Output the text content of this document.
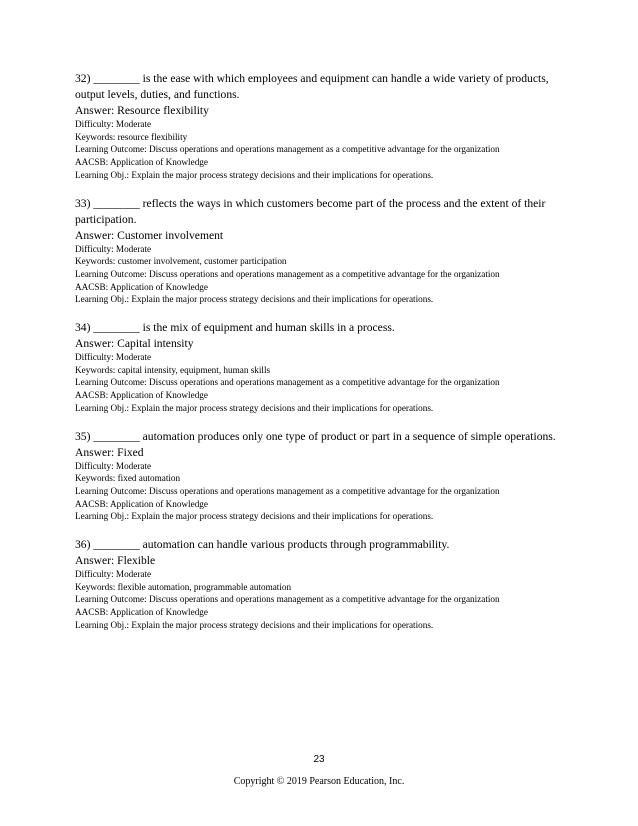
32) ________ is the ease with which employees and equipment can handle a wide variety of products, output levels, duties, and functions.

Answer: Resource flexibility

Difficulty: Moderate

Keywords: resource flexibility

Learning Outcome: Discuss operations and operations management as a competitive advantage for the organization

AACSB: Application of Knowledge

Learning Obj.: Explain the major process strategy decisions and their implications for operations.

33) ________ reflects the ways in which customers become part of the process and the extent of their participation.

Answer: Customer involvement

Difficulty: Moderate

Keywords: customer involvement, customer participation

Learning Outcome: Discuss operations and operations management as a competitive advantage for the organization

AACSB: Application of Knowledge

Learning Obj.: Explain the major process strategy decisions and their implications for operations.

34) ________ is the mix of equipment and human skills in a process.

Answer: Capital intensity

Difficulty: Moderate

Keywords: capital intensity, equipment, human skills

Learning Outcome: Discuss operations and operations management as a competitive advantage for the organization

AACSB: Application of Knowledge

Learning Obj.: Explain the major process strategy decisions and their implications for operations.

35) ________ automation produces only one type of product or part in a sequence of simple operations.

Answer: Fixed

Difficulty: Moderate

Keywords: fixed automation

Learning Outcome: Discuss operations and operations management as a competitive advantage for the organization

AACSB: Application of Knowledge

Learning Obj.: Explain the major process strategy decisions and their implications for operations.

36) ________ automation can handle various products through programmability.

Answer: Flexible

Difficulty: Moderate

Keywords: flexible automation, programmable automation

Learning Outcome: Discuss operations and operations management as a competitive advantage for the organization

AACSB: Application of Knowledge

Learning Obj.: Explain the major process strategy decisions and their implications for operations.

23
Copyright © 2019 Pearson Education, Inc.
